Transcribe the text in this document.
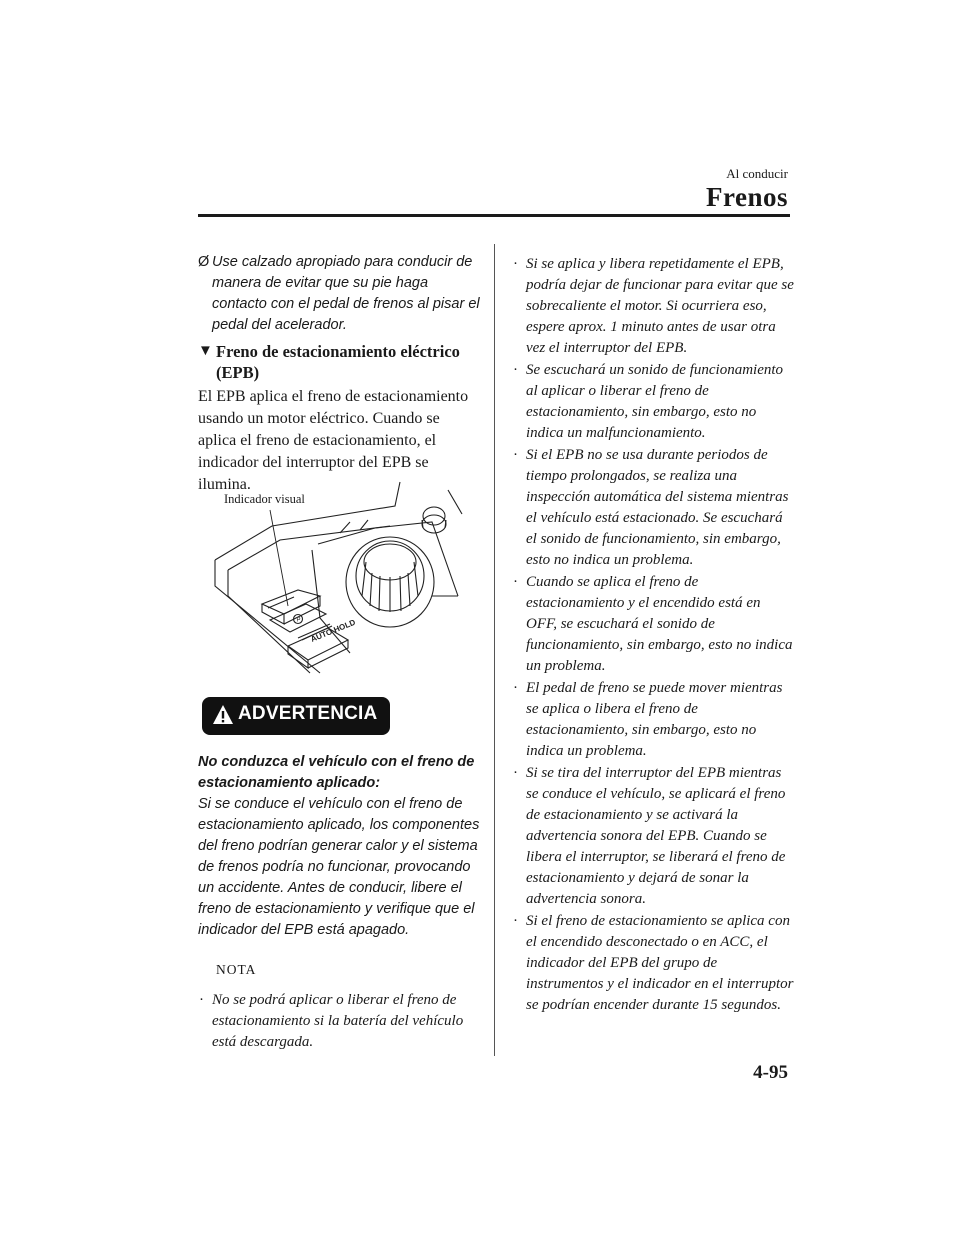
Al conducir
Frenos
Ø Use calzado apropiado para conducir de manera de evitar que su pie haga contacto con el pedal de frenos al pisar el pedal del acelerador.
▼ Freno de estacionamiento eléctrico (EPB)
El EPB aplica el freno de estacionamiento usando un motor eléctrico. Cuando se aplica el freno de estacionamiento, el indicador del interruptor del EPB se ilumina.
AUTO HOLD
P
Indicador visual
ADVERTENCIA
No conduzca el vehículo con el freno de estacionamiento aplicado:
Si se conduce el vehículo con el freno de estacionamiento aplicado, los componentes del freno podrían generar calor y el sistema de frenos podría no funcionar, provocando un accidente. Antes de conducir, libere el freno de estacionamiento y verifique que el indicador del EPB está apagado.
NOTA
· No se podrá aplicar o liberar el freno de estacionamiento si la batería del vehículo está descargada.
· Si se aplica y libera repetidamente el EPB, podría dejar de funcionar para evitar que se sobrecaliente el motor. Si ocurriera eso, espere aprox. 1 minuto antes de usar otra vez el interruptor del EPB.
· Se escuchará un sonido de funcionamiento al aplicar o liberar el freno de estacionamiento, sin embargo, esto no indica un malfuncionamiento.
· Si el EPB no se usa durante periodos de tiempo prolongados, se realiza una inspección automática del sistema mientras el vehículo está estacionado. Se escuchará el sonido de funcionamiento, sin embargo, esto no indica un problema.
· Cuando se aplica el freno de estacionamiento y el encendido está en OFF, se escuchará el sonido de funcionamiento, sin embargo, esto no indica un problema.
· El pedal de freno se puede mover mientras se aplica o libera el freno de estacionamiento, sin embargo, esto no indica un problema.
· Si se tira del interruptor del EPB mientras se conduce el vehículo, se aplicará el freno de estacionamiento y se activará la advertencia sonora del EPB. Cuando se libera el interruptor, se liberará el freno de estacionamiento y dejará de sonar la advertencia sonora.
· Si el freno de estacionamiento se aplica con el encendido desconectado o en ACC, el indicador del EPB del grupo de instrumentos y el indicador en el interruptor se podrían encender durante 15 segundos.
4-95
